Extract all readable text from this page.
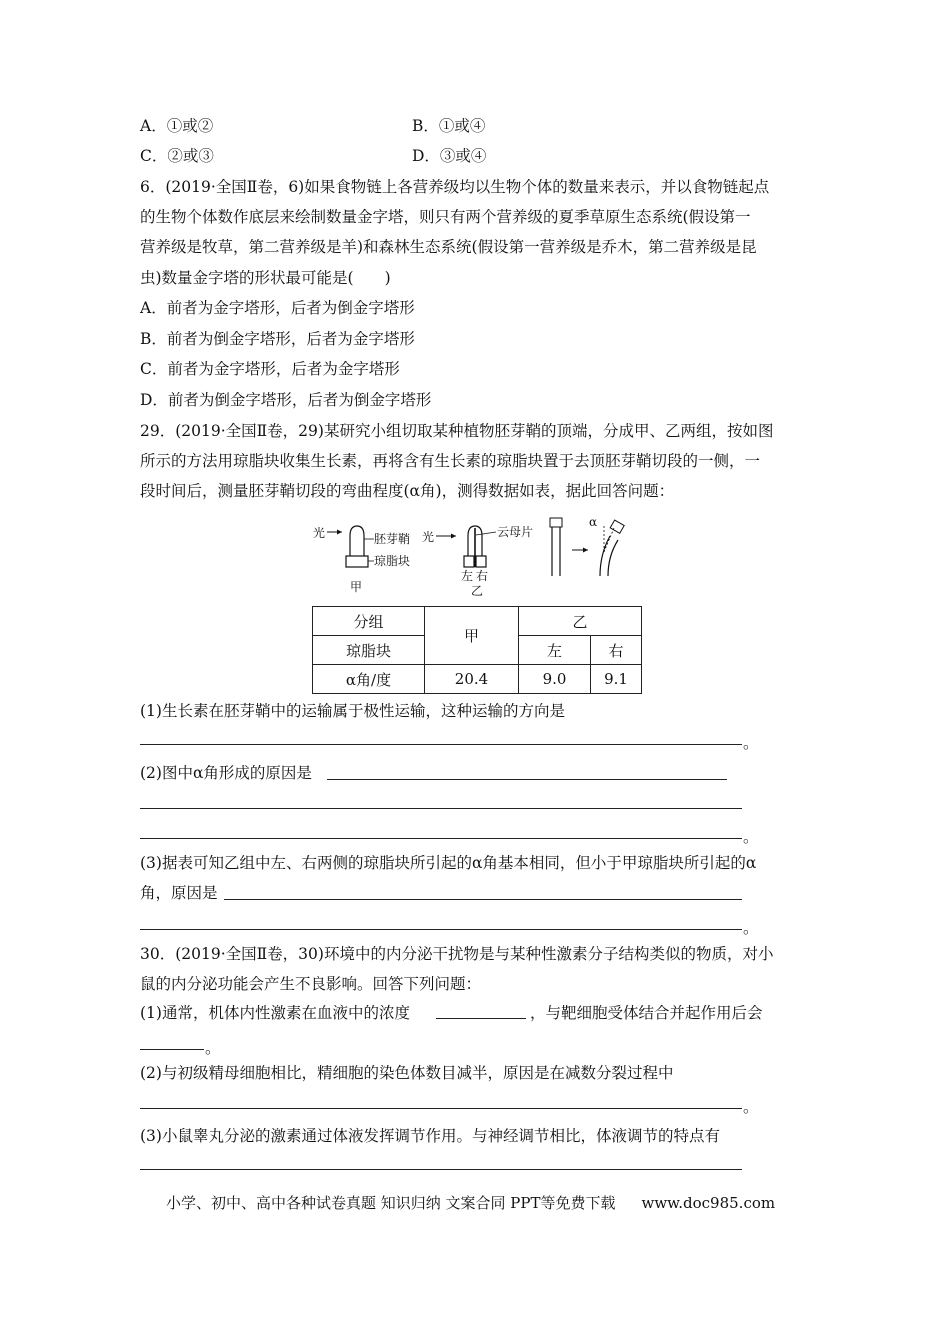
A．①或②	B．①或④
C．②或③	D．③或④
6．(2019·全国Ⅱ卷，6)如果食物链上各营养级均以生物个体的数量来表示，并以食物链起点
的生物个体数作底层来绘制数量金字塔，则只有两个营养级的夏季草原生态系统(假设第一
营养级是牧草，第二营养级是羊)和森林生态系统(假设第一营养级是乔木，第二营养级是昆
虫)数量金字塔的形状最可能是(　　)
A．前者为金字塔形，后者为倒金字塔形
B．前者为倒金字塔形，后者为金字塔形
C．前者为金字塔形，后者为金字塔形
D．前者为倒金字塔形，后者为倒金字塔形
29．(2019·全国Ⅱ卷，29)某研究小组切取某种植物胚芽鞘的顶端，分成甲、乙两组，按如图
所示的方法用琼脂块收集生长素，再将含有生长素的琼脂块置于去顶胚芽鞘切段的一侧，一
段时间后，测量胚芽鞘切段的弯曲程度(α角)，测得数据如表，据此回答问题：
光	胚芽鞘
琼脂块
甲
光	云母片
左 右
乙
α
分组	甲	乙	
琼脂块		左	右
α角/度	20.4	9.0	9.1
(1)生长素在胚芽鞘中的运输属于极性运输，这种运输的方向是
。
(2)图中α角形成的原因是
。
(3)据表可知乙组中左、右两侧的琼脂块所引起的α角基本相同，但小于甲琼脂块所引起的α
角，原因是
。
30．(2019·全国Ⅱ卷，30)环境中的内分泌干扰物是与某种性激素分子结构类似的物质，对小
鼠的内分泌功能会产生不良影响。回答下列问题：
(1)通常，机体内性激素在血液中的浓度	，与靶细胞受体结合并起作用后会
。
(2)与初级精母细胞相比，精细胞的染色体数目减半，原因是在减数分裂过程中
。
(3)小鼠睾丸分泌的激素通过体液发挥调节作用。与神经调节相比，体液调节的特点有
小学、初中、高中各种试卷真题 知识归纳 文案合同 PPT等免费下载 www.doc985.com
